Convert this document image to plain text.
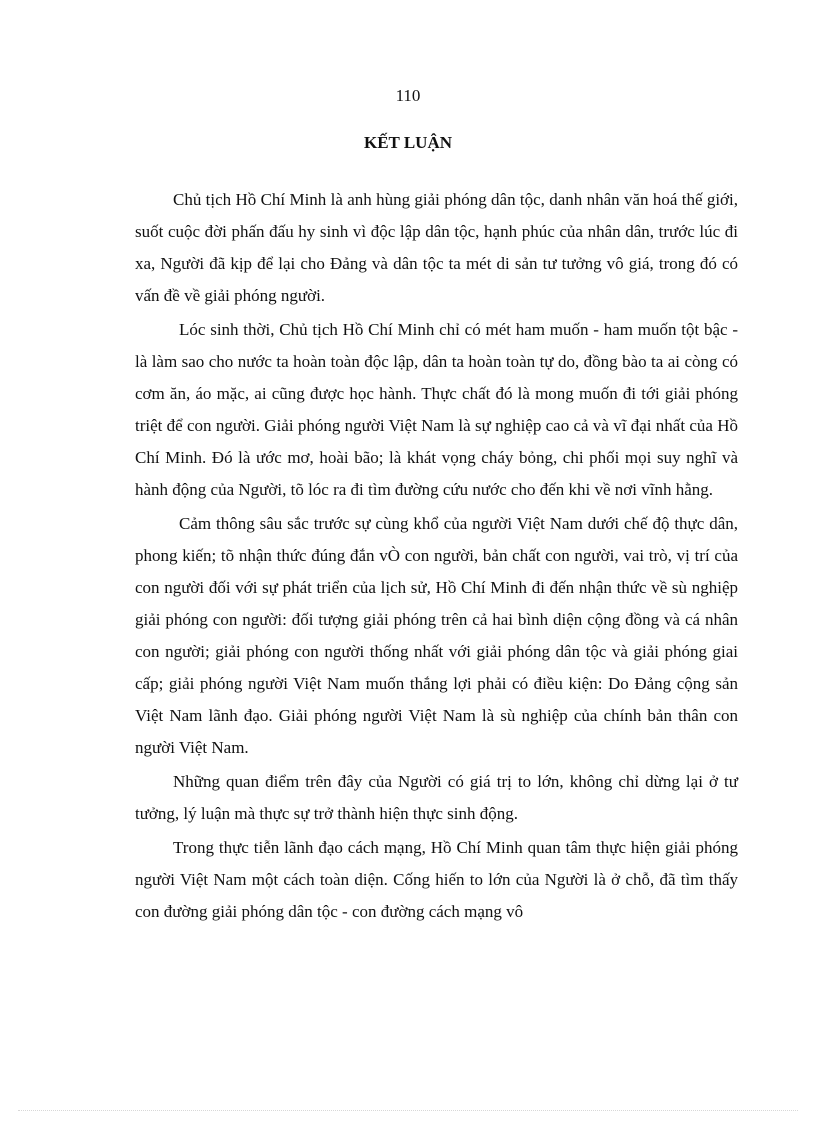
110
KẾT LUẬN

Chủ tịch Hồ Chí Minh là anh hùng giải phóng dân tộc, danh nhân văn hoá thế giới, suốt cuộc đời phấn đấu hy sinh vì độc lập dân tộc, hạnh phúc của nhân dân, trước lúc đi xa, Người đã kịp để lại cho Đảng và dân tộc ta mét di sản tư tưởng vô giá, trong đó có vấn đề về giải phóng người.

Lóc sinh thời, Chủ tịch Hồ Chí Minh chỉ có mét ham muốn - ham muốn tột bậc - là làm sao cho nước ta hoàn toàn độc lập, dân ta hoàn toàn tự do, đồng bào ta ai còng có cơm ăn, áo mặc, ai cũng được học hành. Thực chất đó là mong muốn đi tới giải phóng triệt để con người. Giải phóng người Việt Nam là sự nghiệp cao cả và vĩ đại nhất của Hồ Chí Minh. Đó là ước mơ, hoài bão; là khát vọng cháy bỏng, chi phối mọi suy nghĩ và hành động của Người, tõ lóc ra đi tìm đường cứu nước cho đến khi về nơi vĩnh hằng.

Cảm thông sâu sắc trước sự cùng khổ của người Việt Nam dưới chế độ thực dân, phong kiến; tõ nhận thức đúng đắn vÒ con người, bản chất con người, vai trò, vị trí của con người đối với sự phát triển của lịch sử, Hồ Chí Minh đi đến nhận thức về sù nghiệp giải phóng con người: đối tượng giải phóng trên cả hai bình diện cộng đồng và cá nhân con người; giải phóng con người thống nhất với giải phóng dân tộc và giải phóng giai cấp; giải phóng người Việt Nam muốn thắng lợi phải có điều kiện: Do Đảng cộng sản Việt Nam lãnh đạo. Giải phóng người Việt Nam là sù nghiệp của chính bản thân con người Việt Nam.

Những quan điểm trên đây của Người có giá trị to lớn, không chỉ dừng lại ở tư tưởng, lý luận mà thực sự trở thành hiện thực sinh động.

Trong thực tiễn lãnh đạo cách mạng, Hồ Chí Minh quan tâm thực hiện giải phóng người Việt Nam một cách toàn diện. Cống hiến to lớn của Người là ở chỗ, đã tìm thấy con đường giải phóng dân tộc - con đường cách mạng vô
